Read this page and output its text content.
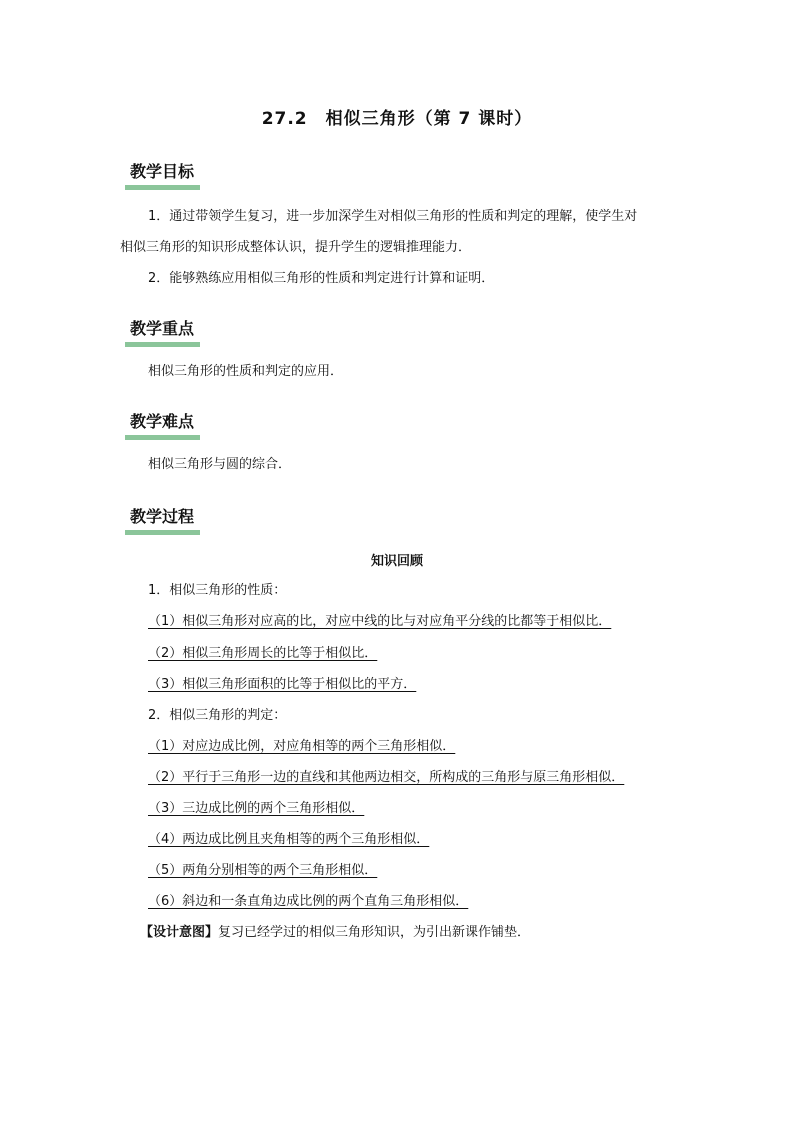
27.2　相似三角形（第 7 课时）
教学目标
1．通过带领学生复习，进一步加深学生对相似三角形的性质和判定的理解，使学生对
相似三角形的知识形成整体认识，提升学生的逻辑推理能力．
2．能够熟练应用相似三角形的性质和判定进行计算和证明．
教学重点
相似三角形的性质和判定的应用．
教学难点
相似三角形与圆的综合．
教学过程
知识回顾
1．相似三角形的性质：
（1）相似三角形对应高的比，对应中线的比与对应角平分线的比都等于相似比．
（2）相似三角形周长的比等于相似比．
（3）相似三角形面积的比等于相似比的平方．
2．相似三角形的判定：
（1）对应边成比例，对应角相等的两个三角形相似．
（2）平行于三角形一边的直线和其他两边相交，所构成的三角形与原三角形相似．
（3）三边成比例的两个三角形相似．
（4）两边成比例且夹角相等的两个三角形相似．
（5）两角分别相等的两个三角形相似．
（6）斜边和一条直角边成比例的两个直角三角形相似．
【设计意图】复习已经学过的相似三角形知识，为引出新课作铺垫．
